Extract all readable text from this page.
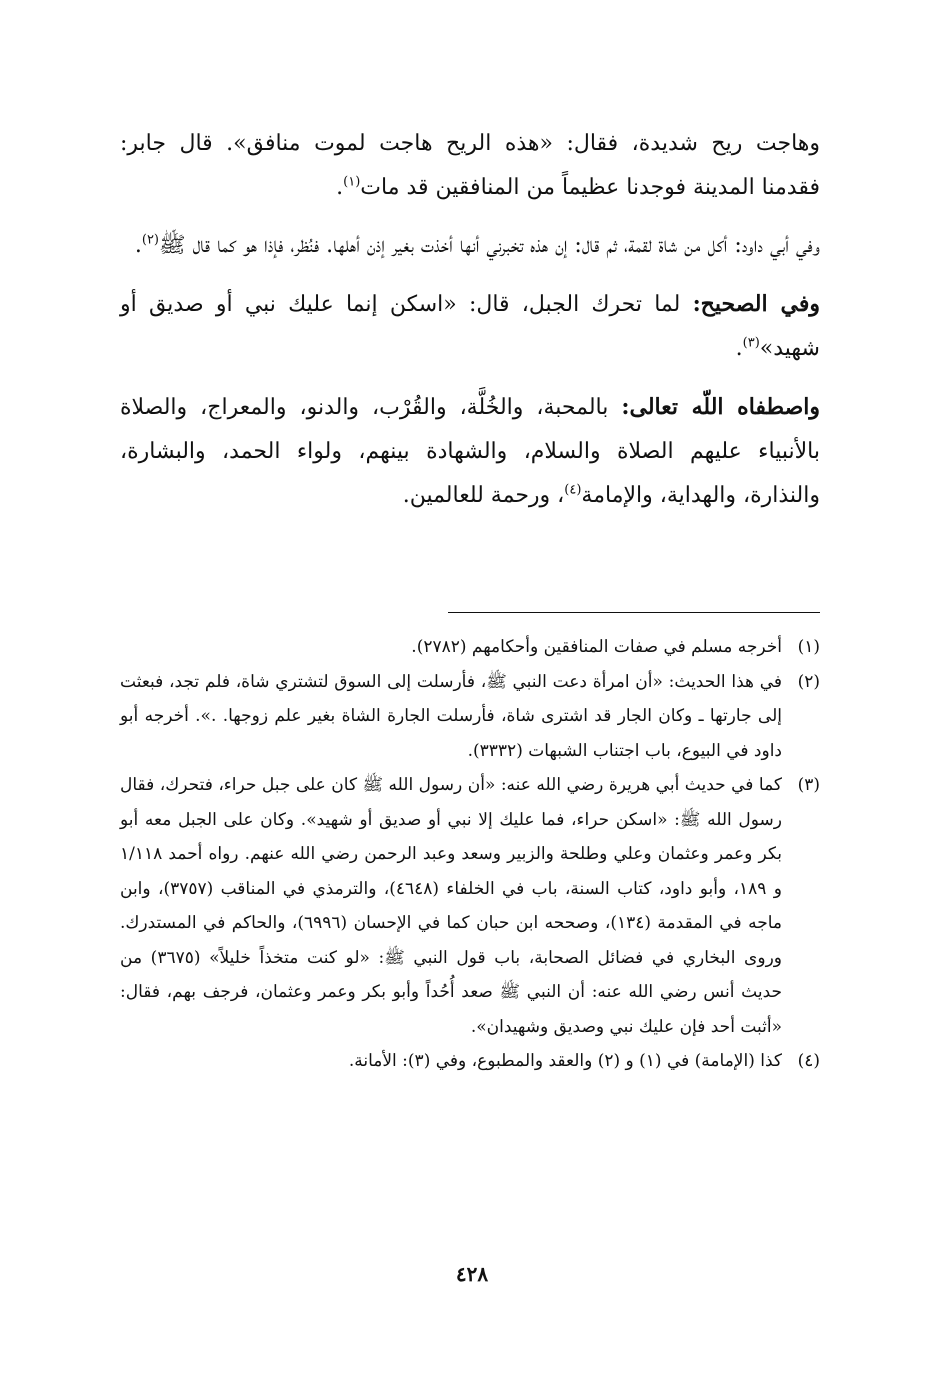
وهاجت ريح شديدة، فقال: «هذه الريح هاجت لموت منافق». قال جابر: فقدمنا المدينة فوجدنا عظيماً من المنافقين قد مات$^{(١)}$.

وفي أبي داود: أكل من شاة لقمة، ثم قال: إن هذه تخبرني أنها أخذت بغير إذن أهلها. فنُظر، فإذا هو كما قال ﷺ$^{(٢)}$.

وفي الصحيح: لما تحرك الجبل، قال: «اسكن إنما عليك نبي أو صديق أو شهيد»$^{(٣)}$.

واصطفاه اللّه تعالى: بالمحبة، والخُلَّة، والقُرْب، والدنو، والمعراج، والصلاة بالأنبياء عليهم الصلاة والسلام، والشهادة بينهم، ولواء الحمد، والبشارة، والنذارة، والهداية، والإمامة$^{(٤)}$، ورحمة للعالمين.

(١)أخرجه مسلم في صفات المنافقين وأحكامهم (٢٧٨٢).

(٢)في هذا الحديث: «أن امرأة دعت النبي ﷺ، فأرسلت إلى السوق لتشتري شاة، فلم تجد، فبعثت إلى جارتها ـ وكان الجار قد اشترى شاة، فأرسلت الجارة الشاة بغير علم زوجها. .». أخرجه أبو داود في البيوع، باب اجتناب الشبهات (٣٣٣٢).

(٣)كما في حديث أبي هريرة رضي الله عنه: «أن رسول الله ﷺ كان على جبل حراء، فتحرك، فقال رسول الله ﷺ: «اسكن حراء، فما عليك إلا نبي أو صديق أو شهيد». وكان على الجبل معه أبو بكر وعمر وعثمان وعلي وطلحة والزبير وسعد وعبد الرحمن رضي الله عنهم. رواه أحمد ١/١١٨ و ١٨٩، وأبو داود، كتاب السنة، باب في الخلفاء (٤٦٤٨)، والترمذي في المناقب (٣٧٥٧)، وابن ماجه في المقدمة (١٣٤)، وصححه ابن حبان كما في الإحسان (٦٩٩٦)، والحاكم في المستدرك. وروى البخاري في فضائل الصحابة، باب قول النبي ﷺ: «لو كنت متخذاً خليلاً» (٣٦٧٥) من حديث أنس رضي الله عنه: أن النبي ﷺ صعد أُحُداً وأبو بكر وعمر وعثمان، فرجف بهم، فقال: «أثبت أحد فإن عليك نبي وصديق وشهيدان».

(٤)كذا (الإمامة) في (١) و (٢) والعقد والمطبوع، وفي (٣): الأمانة.

٤٢٨
